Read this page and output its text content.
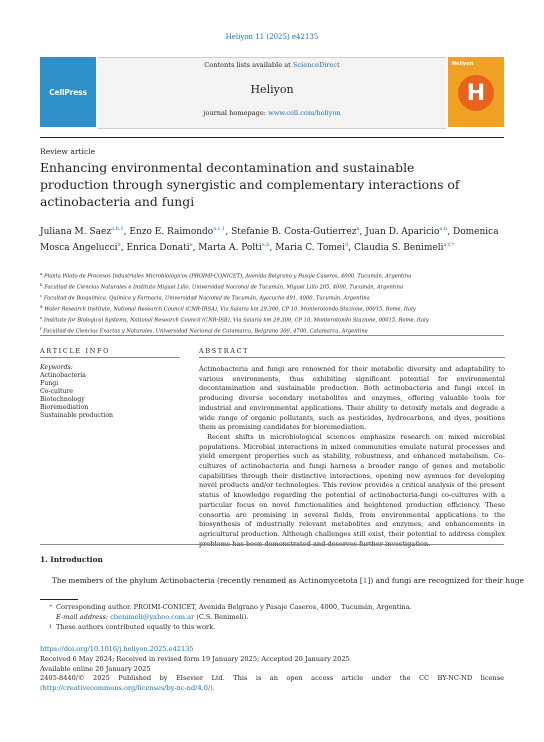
Heliyon 11 (2025) e42135
CellPress
Contents lists available at ScienceDirect
Heliyon
journal homepage: www.cell.com/heliyon
Heliyon
H
Review article
Enhancing environmental decontamination and sustainable production through synergistic and complementary interactions of actinobacteria and fungi
Juliana M. Saez$^{a,b,1}$, Enzo E. Raimondo$^{a,c,1}$, Stefanie B. Costa-Gutierrez$^a$, Juan D. Aparicio$^{a,b}$, Domenica Mosca Angelucci$^d$, Enrica Donati$^e$, Marta A. Polti$^{a,b}$, Maria C. Tomei$^d$, Claudia S. Benimeli$^{a,f,*}$
$^a$ Planta Piloto de Procesos Industriales Microbiológicos (PROIMI-CONICET), Avenida Belgrano y Pasaje Caseros, 4000, Tucumán, Argentina
$^b$ Facultad de Ciencias Naturales e Instituto Miguel Lillo, Universidad Nacional de Tucumán, Miguel Lillo 205, 4000, Tucumán, Argentina
$^c$ Facultad de Bioquímica, Química y Farmacia, Universidad Nacional de Tucumán, Ayacucho 491, 4000, Tucumán, Argentina
$^d$ Water Research Institute, National Research Council (CNR-IRSA), Via Salaria km 29.300, CP 10, Monterotondo Stazione, 00015, Rome, Italy
$^e$ Institute for Biological Systems, National Research Council (CNR-ISB), Via Salaria km 29.300, CP 10, Monterotondo Stazione, 00015, Rome, Italy
$^f$ Facultad de Ciencias Exactas y Naturales, Universidad Nacional de Catamarca, Belgrano 300, 4700, Catamarca, Argentina
ARTICLE INFO	ABSTRACT
Keywords:
Actinobacteria
Fungi
Co-culture
Biotechnology
Bioremediation
Sustainable production

Actinobacteria and fungi are renowned for their metabolic diversity and adaptability to various environments, thus exhibiting significant potential for environmental decontamination and sustainable production. Both actinobacteria and fungi excel in producing diverse secondary metabolites and enzymes, offering valuable tools for industrial and environmental applications. Their ability to detoxify metals and degrade a wide range of organic pollutants, such as pesticides, hydrocarbons, and dyes, positions them as promising candidates for bioremediation.

Recent shifts in microbiological sciences emphasize research on mixed microbial populations. Microbial interactions in mixed communities emulate natural processes and yield emergent properties such as stability, robustness, and enhanced metabolism. Co-cultures of actinobacteria and fungi harness a broader range of genes and metabolic capabilities through their distinctive interactions, opening new avenues for developing novel products and/or technologies. This review provides a critical analysis of the present status of knowledge regarding the potential of actinobacteria-fungi co-cultures with a particular focus on novel functionalities and heightened production efficiency. These consortia are promising in several fields, from environmental applications to the biosynthesis of industrially relevant metabolites and enzymes, and enhancements in agricultural production. Although challenges still exist, their potential to address complex problems has been demonstrated and deserves further investigation.

1. Introduction
The members of the phylum Actinobacteria (recently renamed as Actinomycetota [1]) and fungi are recognized for their huge
* Corresponding author. PROIMI-CONICET, Avenida Belgrano y Pasaje Caseros, 4000, Tucumán, Argentina.
E-mail address: cbenimeli@yahoo.com.ar (C.S. Benimeli).
1 These authors contributed equally to this work.
https://doi.org/10.1016/j.heliyon.2025.e42135
Received 6 May 2024; Received in revised form 19 January 2025; Accepted 20 January 2025
Available online 20 January 2025
2405-8440/© 2025 Published by Elsevier Ltd. This is an open access article under the CC BY-NC-ND license
(http://creativecommons.org/licenses/by-nc-nd/4.0/).
